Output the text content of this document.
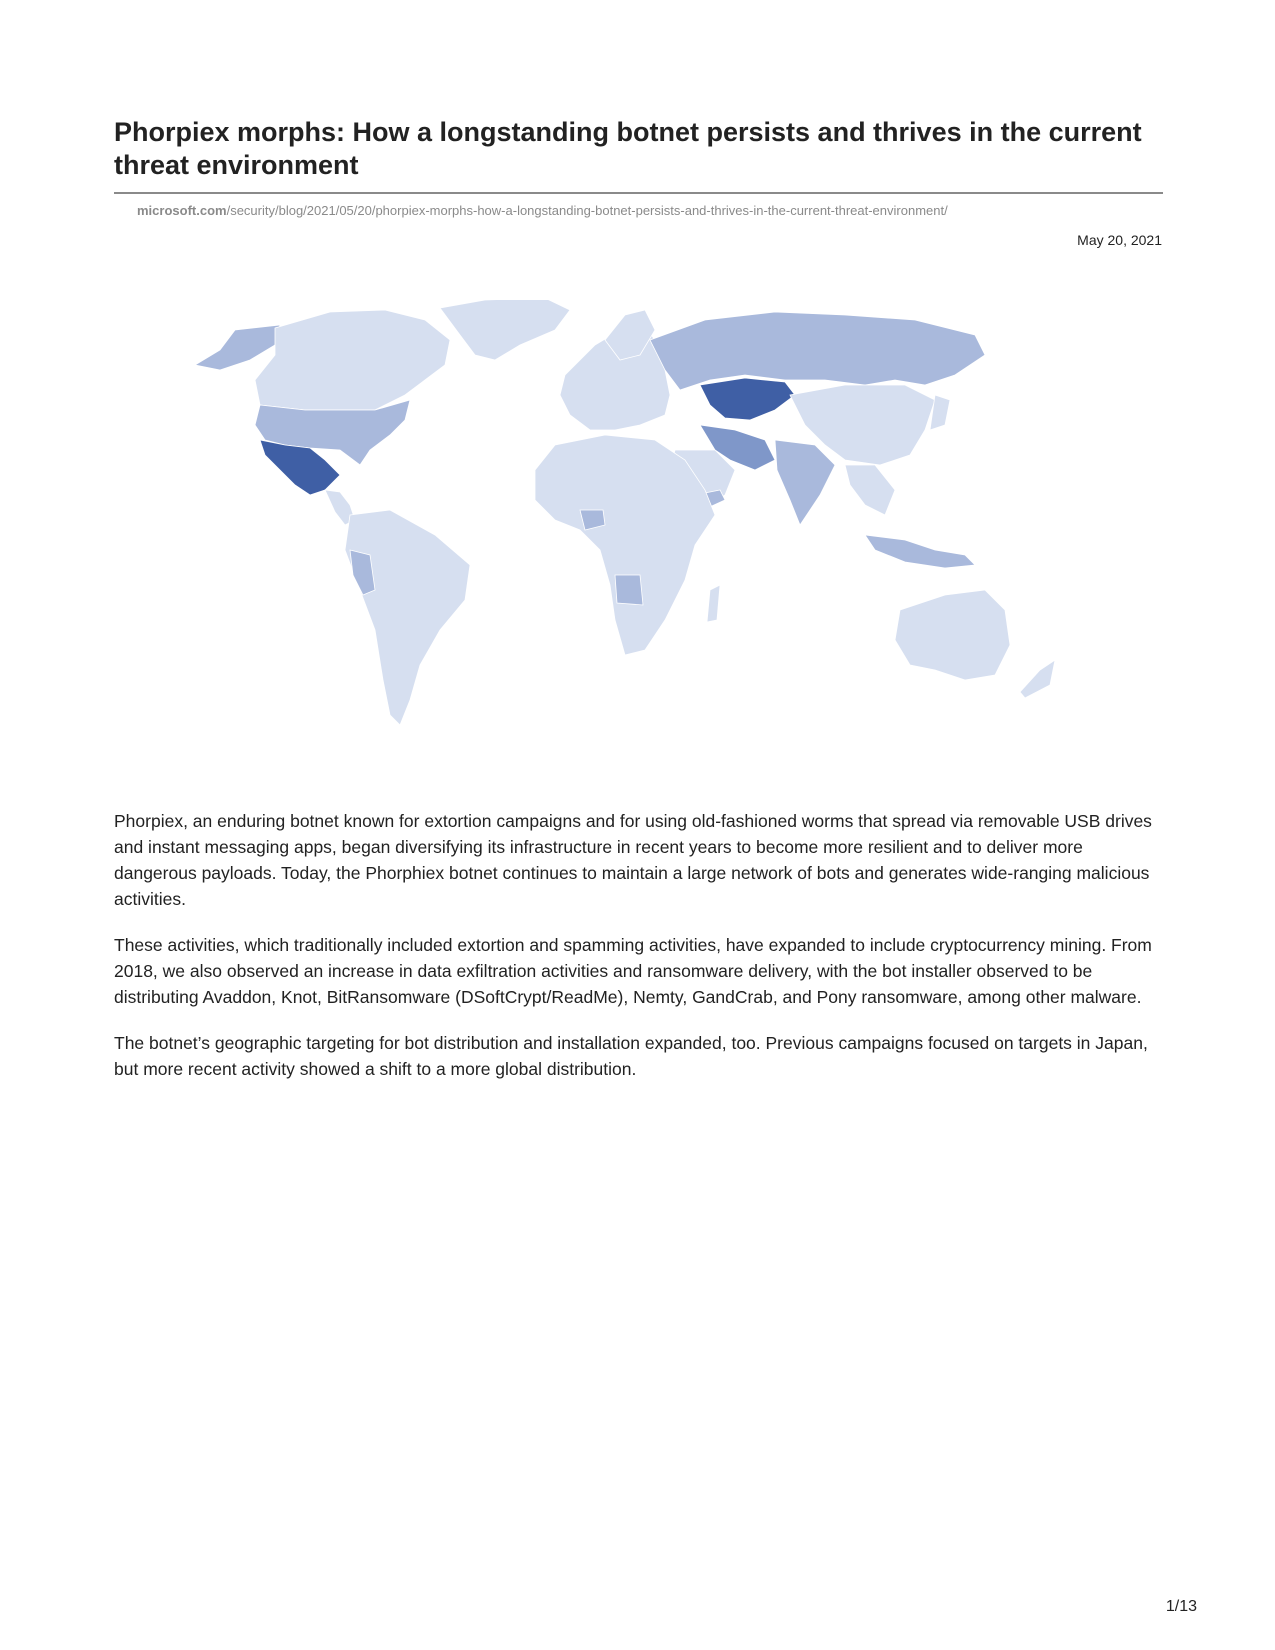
Phorpiex morphs: How a longstanding botnet persists and thrives in the current threat environment
microsoft.com/security/blog/2021/05/20/phorpiex-morphs-how-a-longstanding-botnet-persists-and-thrives-in-the-current-threat-environment/
May 20, 2021

Phorpiex, an enduring botnet known for extortion campaigns and for using old-fashioned worms that spread via removable USB drives and instant messaging apps, began diversifying its infrastructure in recent years to become more resilient and to deliver more dangerous payloads. Today, the Phorphiex botnet continues to maintain a large network of bots and generates wide-ranging malicious activities.

These activities, which traditionally included extortion and spamming activities, have expanded to include cryptocurrency mining. From 2018, we also observed an increase in data exfiltration activities and ransomware delivery, with the bot installer observed to be distributing Avaddon, Knot, BitRansomware (DSoftCrypt/ReadMe), Nemty, GandCrab, and Pony ransomware, among other malware.

The botnet’s geographic targeting for bot distribution and installation expanded, too. Previous campaigns focused on targets in Japan, but more recent activity showed a shift to a more global distribution.

1/13
